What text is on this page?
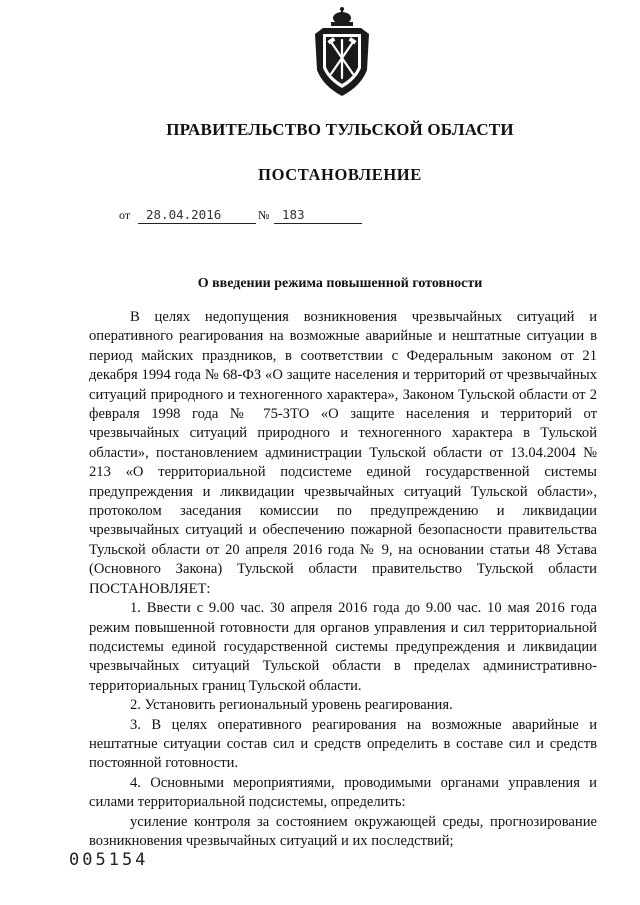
ПРАВИТЕЛЬСТВО ТУЛЬСКОЙ ОБЛАСТИ
ПОСТАНОВЛЕНИЕ
от 28.04.2016	№ 183
О введении режима повышенной готовности

В целях недопущения возникновения чрезвычайных ситуаций и оперативного реагирования на возможные аварийные и нештатные ситуации в период майских праздников, в соответствии с Федеральным законом от 21 декабря 1994 года № 68-ФЗ «О защите населения и территорий от чрезвычайных ситуаций природного и техногенного характера», Законом Тульской области от 2 февраля 1998 года № 75-ЗТО «О защите населения и территорий от чрезвычайных ситуаций природного и техногенного характера в Тульской области», постановлением администрации Тульской области от 13.04.2004 № 213 «О территориальной подсистеме единой государственной системы предупреждения и ликвидации чрезвычайных ситуаций Тульской области», протоколом заседания комиссии по предупреждению и ликвидации чрезвычайных ситуаций и обеспечению пожарной безопасности правительства Тульской области от 20 апреля 2016 года № 9, на основании статьи 48 Устава (Основного Закона) Тульской области правительство Тульской области ПОСТАНОВЛЯЕТ:

1. Ввести с 9.00 час. 30 апреля 2016 года до 9.00 час. 10 мая 2016 года режим повышенной готовности для органов управления и сил территориальной подсистемы единой государственной системы предупреждения и ликвидации чрезвычайных ситуаций Тульской области в пределах административно-территориальных границ Тульской области.

2. Установить региональный уровень реагирования.

3. В целях оперативного реагирования на возможные аварийные и нештатные ситуации состав сил и средств определить в составе сил и средств постоянной готовности.

4. Основными мероприятиями, проводимыми органами управления и силами территориальной подсистемы, определить:

усиление контроля за состоянием окружающей среды, прогнозирование возникновения чрезвычайных ситуаций и их последствий;

005154
